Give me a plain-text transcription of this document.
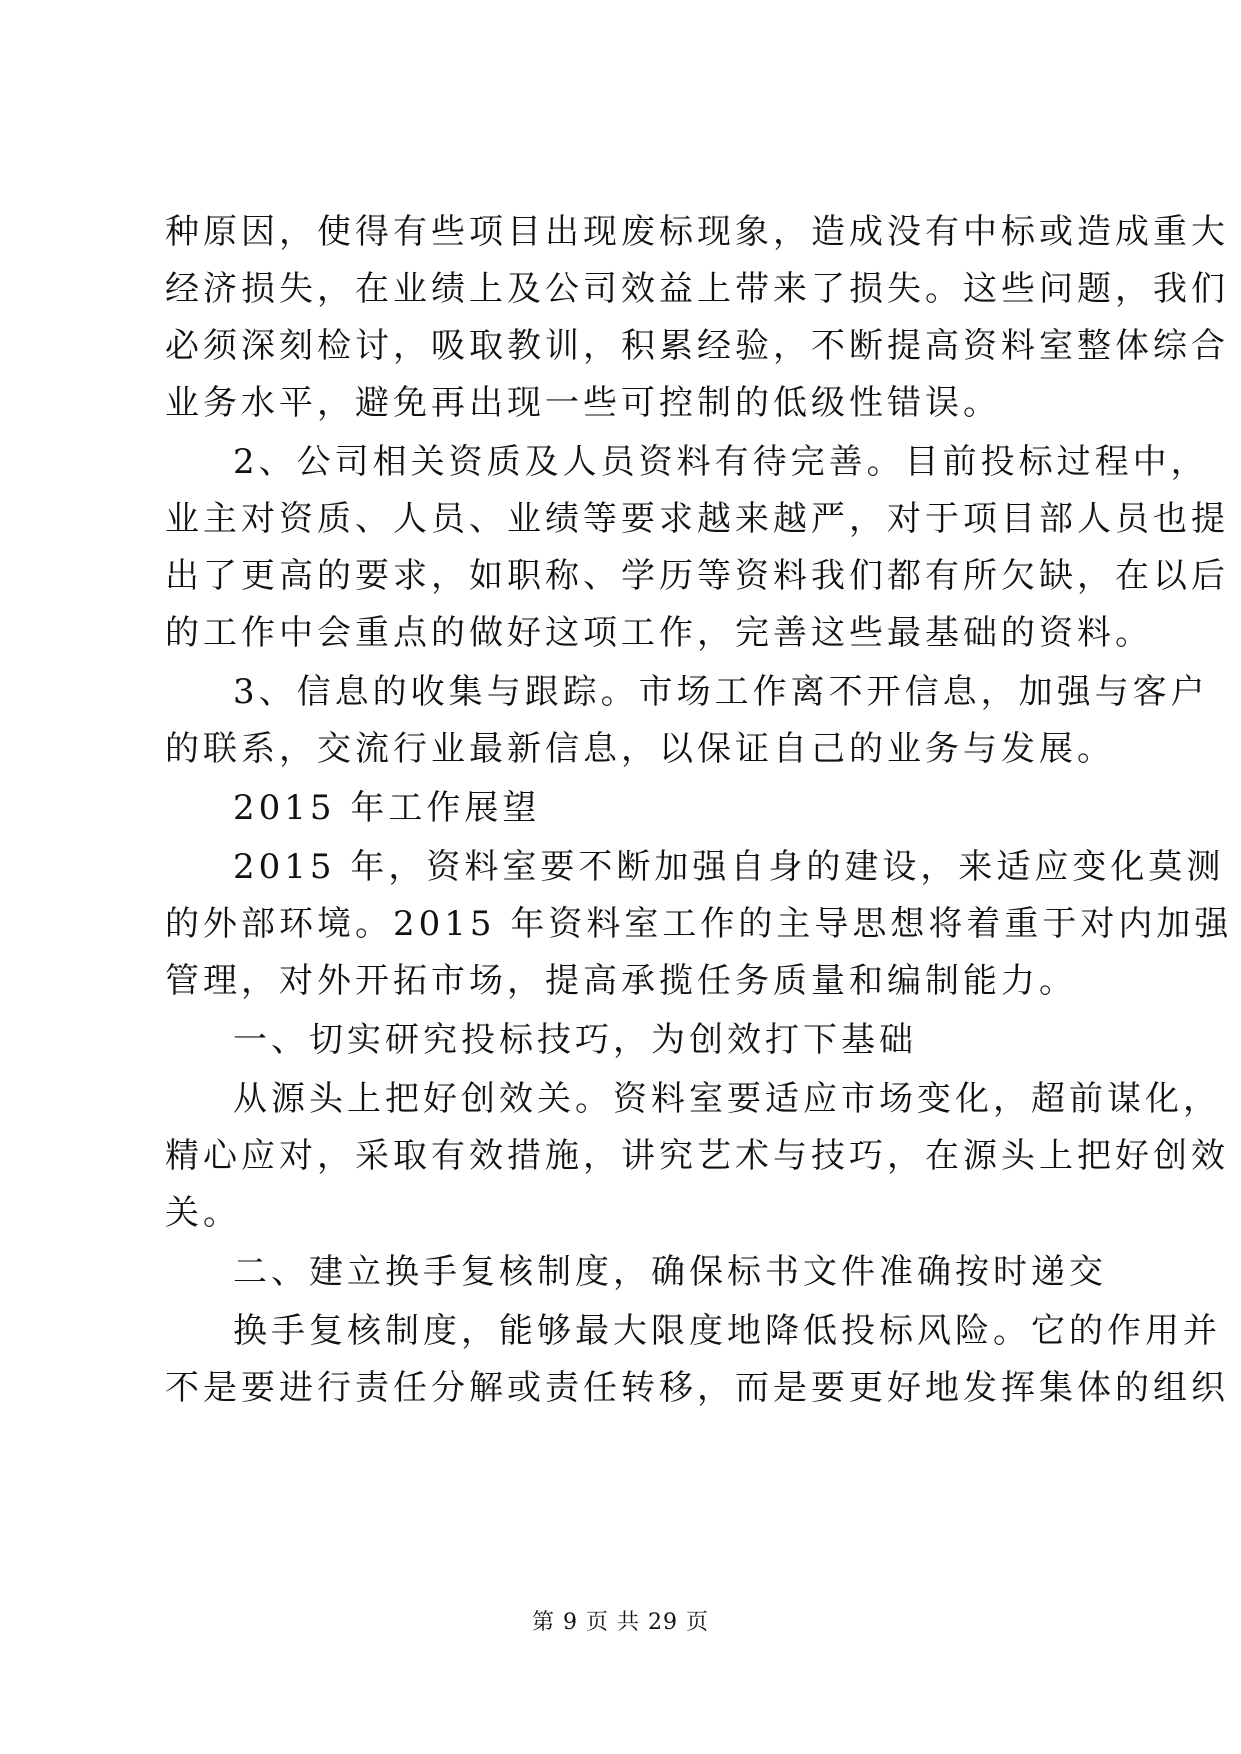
种原因，使得有些项目出现废标现象，造成没有中标或造成重大
经济损失，在业绩上及公司效益上带来了损失。这些问题，我们
必须深刻检讨，吸取教训，积累经验，不断提高资料室整体综合
业务水平，避免再出现一些可控制的低级性错误。
2、公司相关资质及人员资料有待完善。目前投标过程中，
业主对资质、人员、业绩等要求越来越严，对于项目部人员也提
出了更高的要求，如职称、学历等资料我们都有所欠缺，在以后
的工作中会重点的做好这项工作，完善这些最基础的资料。
3、信息的收集与跟踪。市场工作离不开信息，加强与客户
的联系，交流行业最新信息，以保证自己的业务与发展。
2015 年工作展望
2015 年，资料室要不断加强自身的建设，来适应变化莫测
的外部环境。2015 年资料室工作的主导思想将着重于对内加强
管理，对外开拓市场，提高承揽任务质量和编制能力。
一、切实研究投标技巧，为创效打下基础
从源头上把好创效关。资料室要适应市场变化，超前谋化，
精心应对，采取有效措施，讲究艺术与技巧，在源头上把好创效
关。
二、建立换手复核制度，确保标书文件准确按时递交
换手复核制度，能够最大限度地降低投标风险。它的作用并
不是要进行责任分解或责任转移，而是要更好地发挥集体的组织
第 9 页 共 29 页
